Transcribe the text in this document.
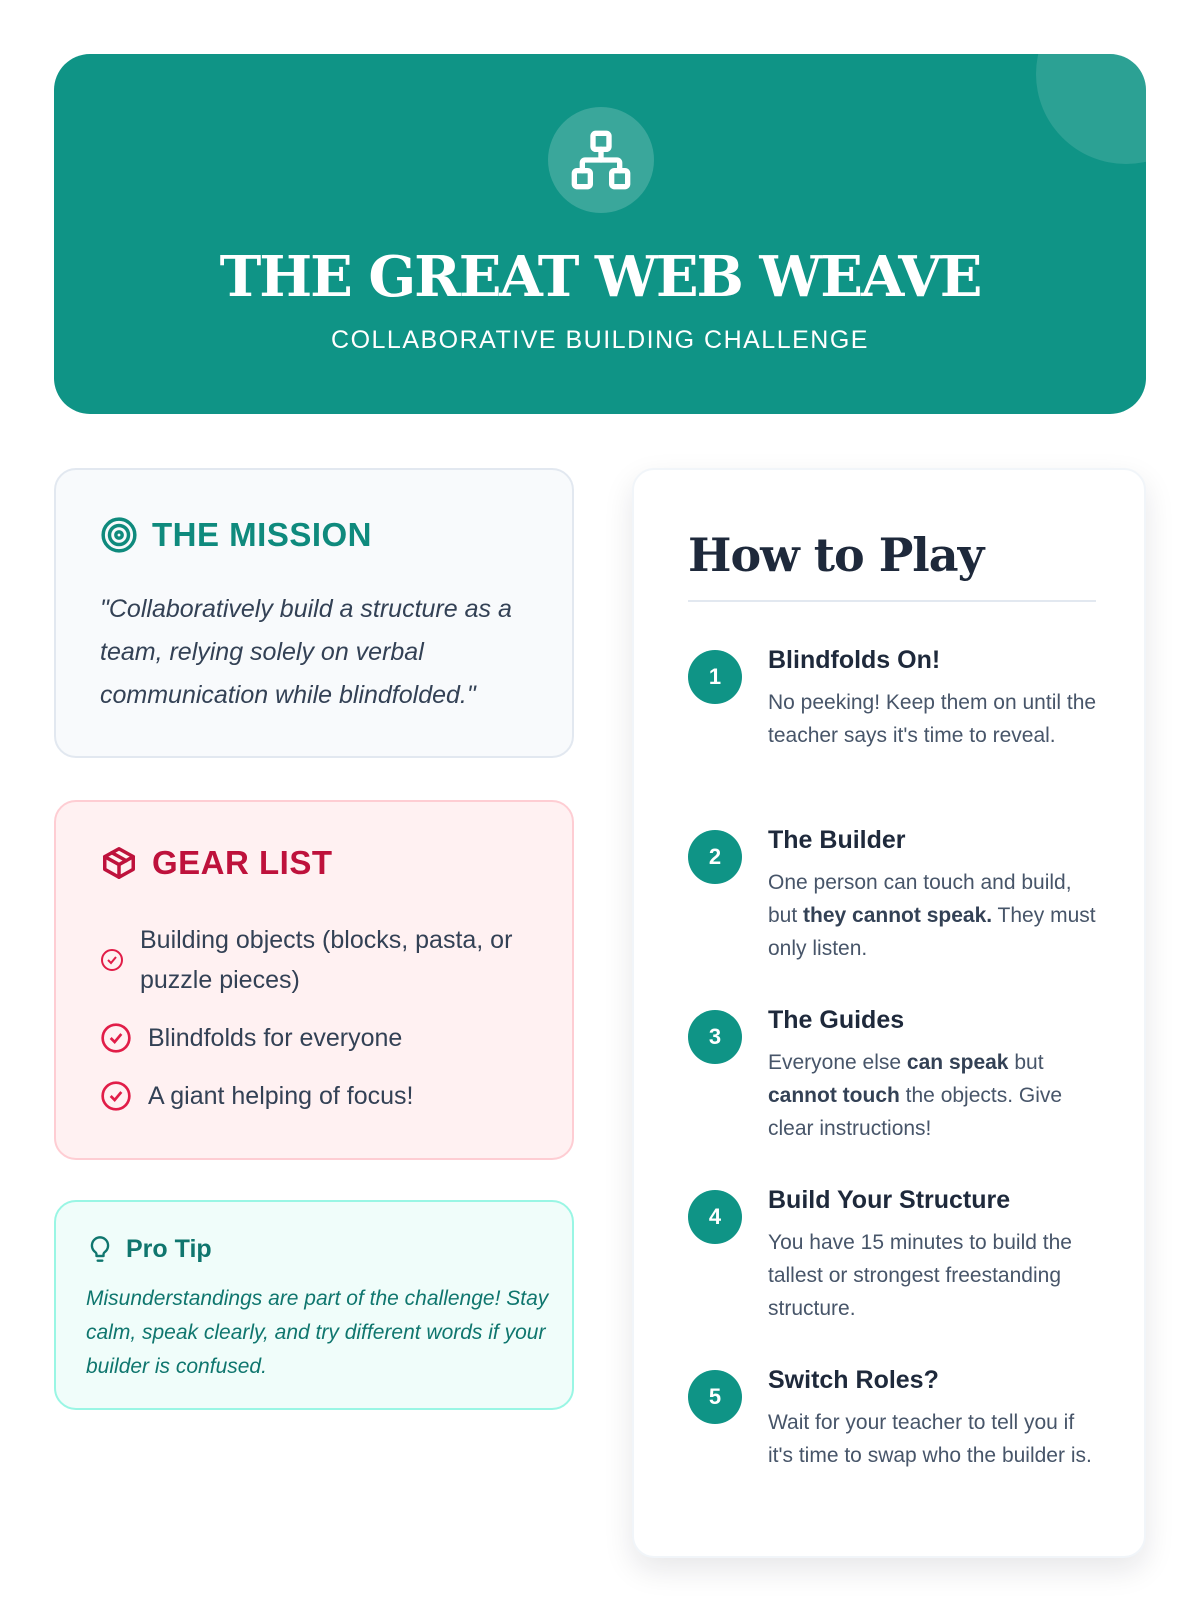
THE GREAT WEB WEAVE
COLLABORATIVE BUILDING CHALLENGE
THE MISSION
"Collaboratively build a structure as a team, relying solely on verbal communication while blindfolded."
GEAR LIST
Building objects (blocks, pasta, or puzzle pieces)
Blindfolds for everyone
A giant helping of focus!
Pro Tip
Misunderstandings are part of the challenge! Stay calm, speak clearly, and try different words if your builder is confused.
How to Play
1
Blindfolds On!
No peeking! Keep them on until the teacher says it's time to reveal.
2
The Builder
One person can touch and build, but they cannot speak. They must only listen.
3
The Guides
Everyone else can speak but cannot touch the objects. Give clear instructions!
4
Build Your Structure
You have 15 minutes to build the tallest or strongest freestanding structure.
5
Switch Roles?
Wait for your teacher to tell you if it's time to swap who the builder is.
